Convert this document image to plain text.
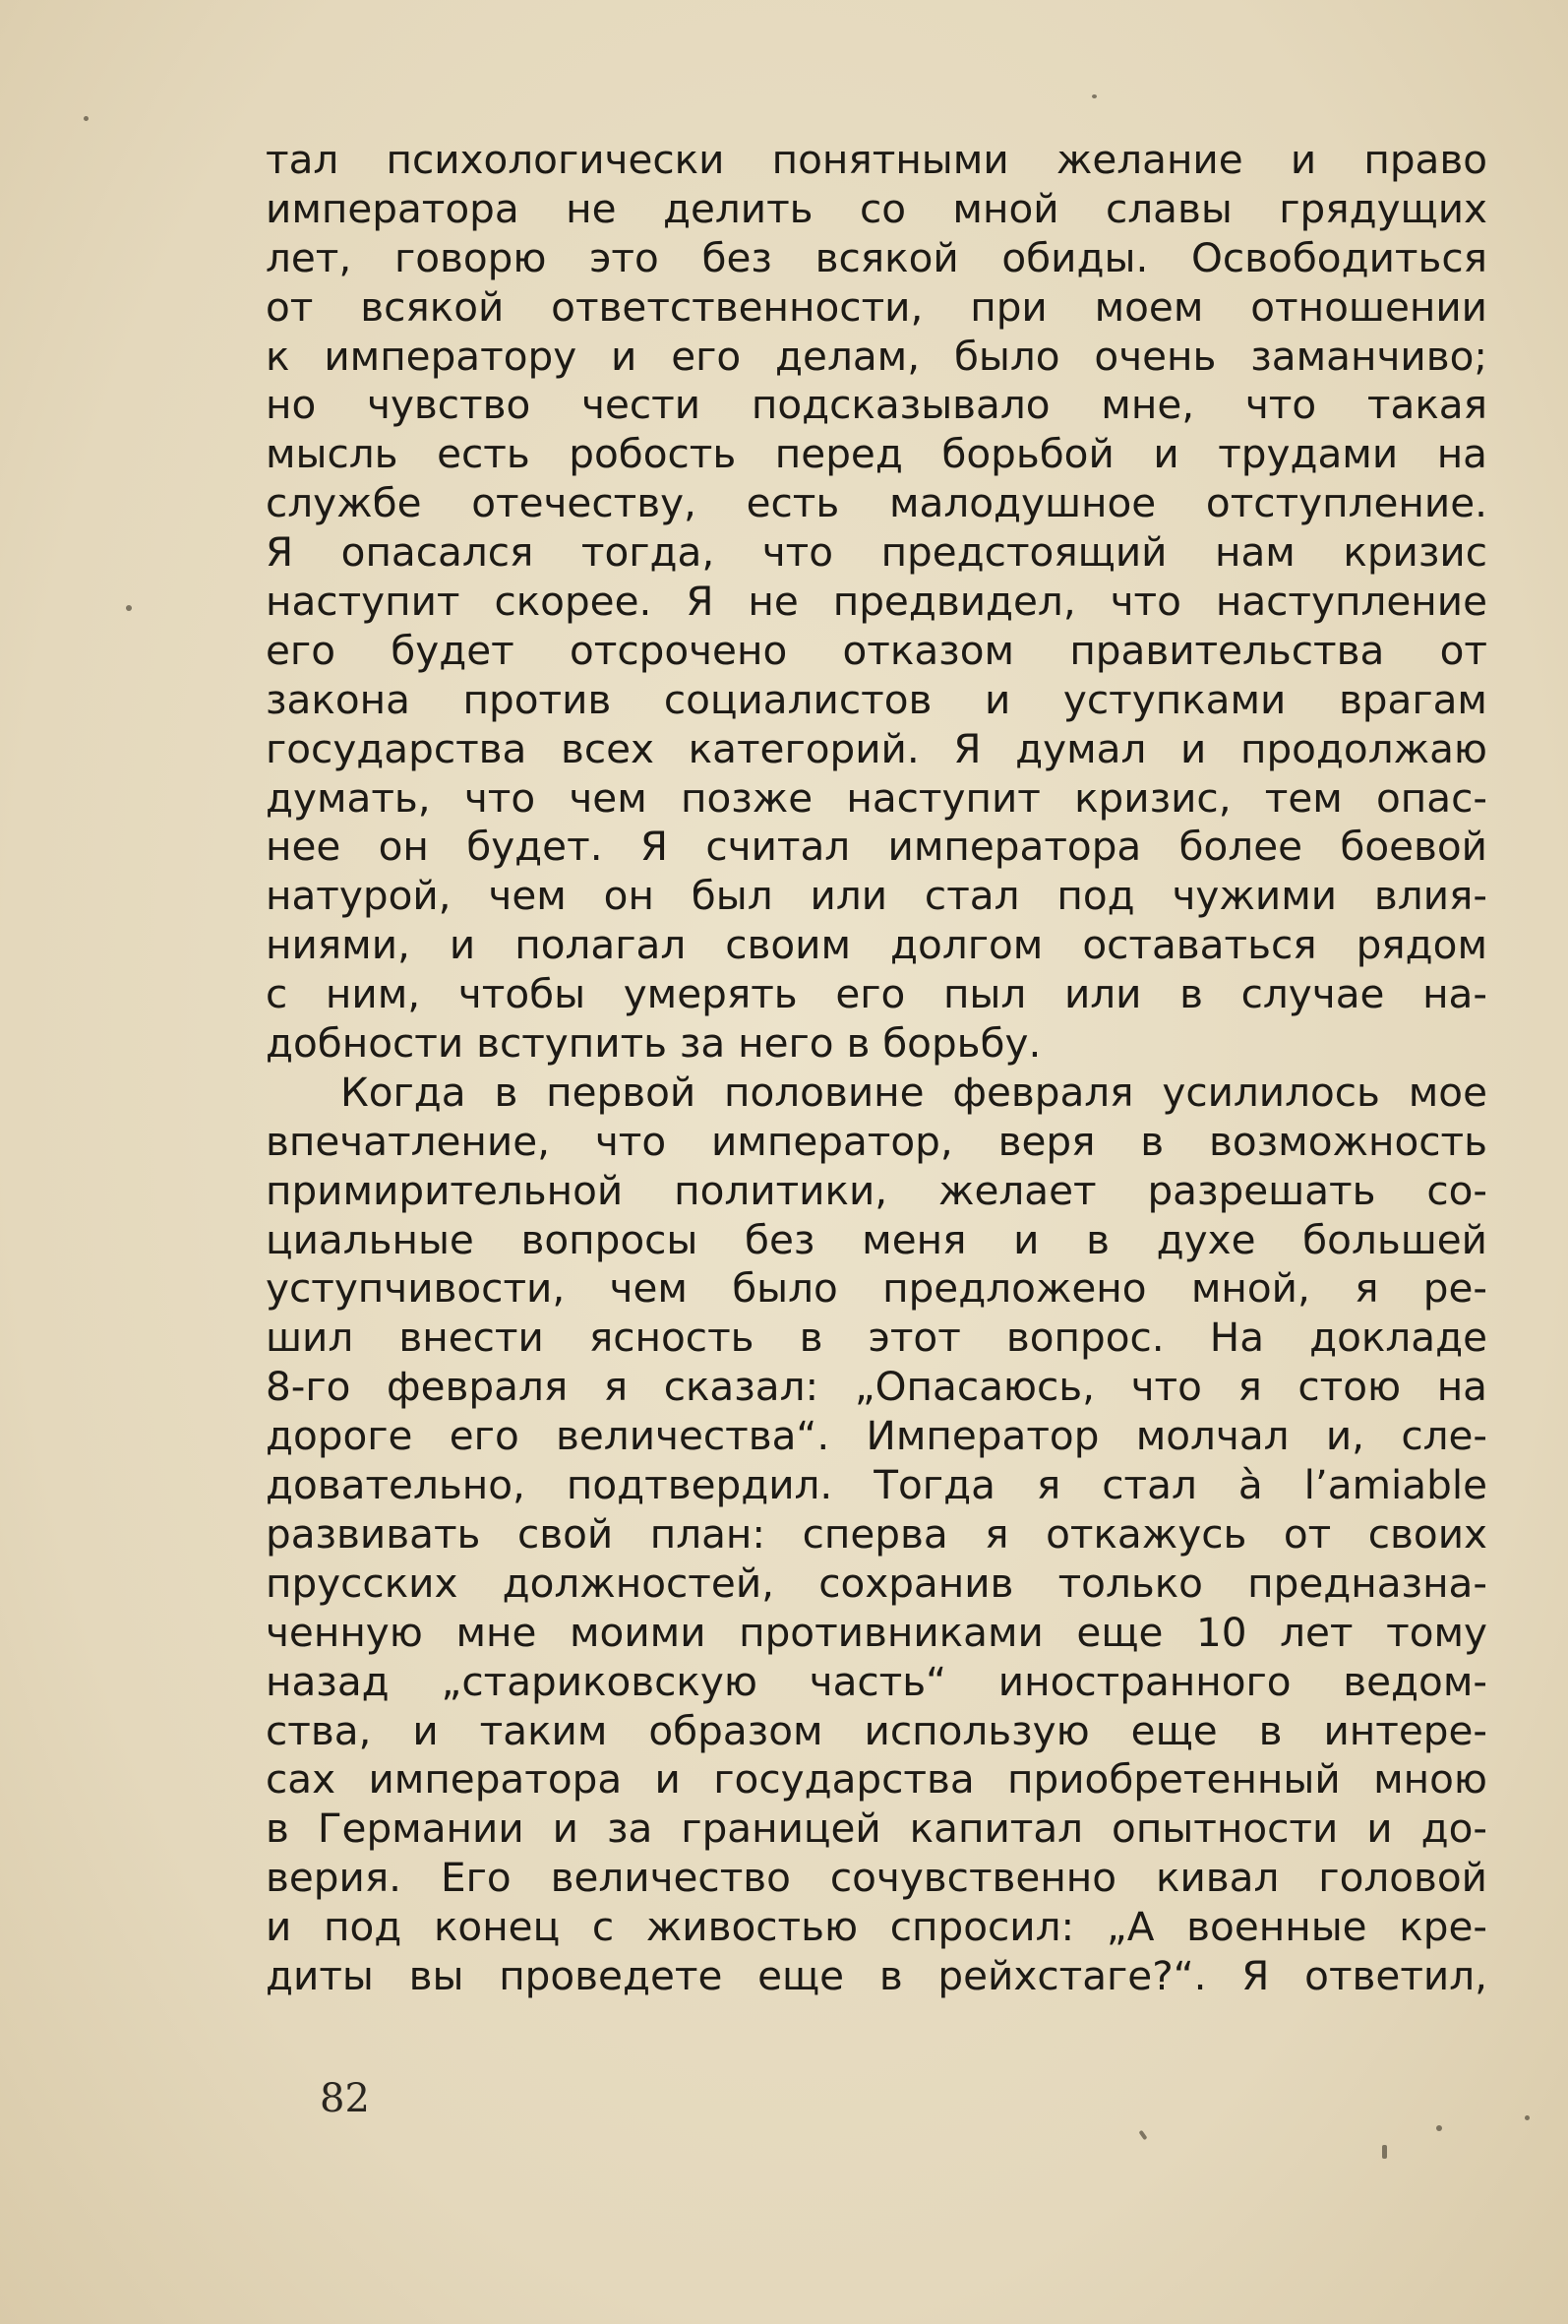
тал психологически понятными желание и право
императора не делить со мной славы грядущих
лет, говорю это без всякой обиды. Освободиться
от всякой ответственности, при моем отношении
к императору и его делам, было очень заманчиво;
но чувство чести подсказывало мне, что такая
мысль есть робость перед борьбой и трудами на
службе отечеству, есть малодушное отступление.
Я опасался тогда, что предстоящий нам кризис
наступит скорее. Я не предвидел, что наступление
его будет отсрочено отказом правительства от
закона против социалистов и уступками врагам
государства всех категорий. Я думал и продолжаю
думать, что чем позже наступит кризис, тем опас-
нее он будет. Я считал императора более боевой
натурой, чем он был или стал под чужими влия-
ниями, и полагал своим долгом оставаться рядом
с ним, чтобы умерять его пыл или в случае на-
добности вступить за него в борьбу.
Когда в первой половине февраля усилилось мое
впечатление, что император, веря в возможность
примирительной политики, желает разрешать со-
циальные вопросы без меня и в духе большей
уступчивости, чем было предложено мной, я ре-
шил внести ясность в этот вопрос. На докладе
8-го февраля я сказал: „Опасаюсь, что я стою на
дороге его величества“. Император молчал и, сле-
довательно, подтвердил. Тогда я стал à l’amiable
развивать свой план: сперва я откажусь от своих
прусских должностей, сохранив только предназна-
ченную мне моими противниками еще 10 лет тому
назад „стариковскую часть“ иностранного ведом-
ства, и таким образом использую еще в интере-
сах императора и государства приобретенный мною
в Германии и за границей капитал опытности и до-
верия. Его величество сочувственно кивал головой
и под конец с живостью спросил: „А военные кре-
диты вы проведете еще в рейхстаге?“. Я ответил,
82
